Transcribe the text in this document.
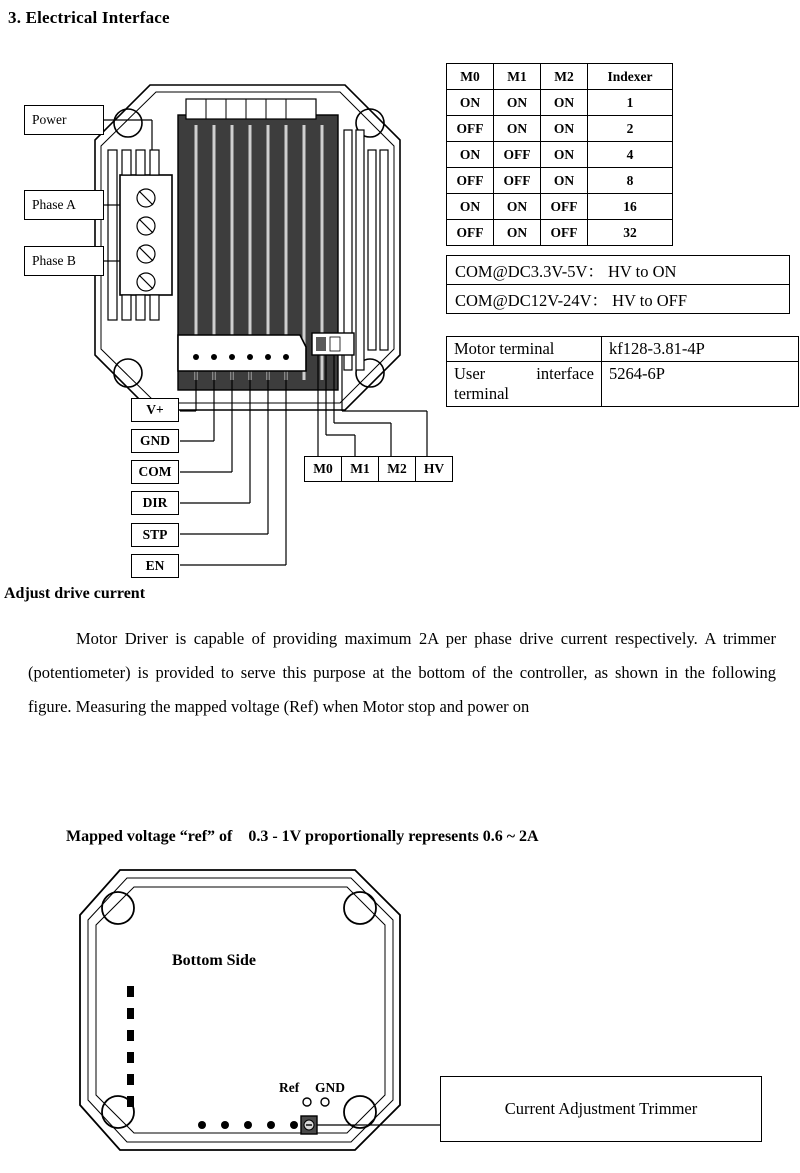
3. Electrical Interface
Power
Phase A
Phase B
V+
GND
COM
DIR
STP
EN
M0	M1	M2	HV
M0	M1	M2	Indexer
ON	ON	ON	1
OFF	ON	ON	2
ON	OFF	ON	4
OFF	OFF	ON	8
ON	ON	OFF	16
OFF	ON	OFF	32
COM@DC3.3V-5V： HV to ON
COM@DC12V-24V： HV to OFF
Motor terminal	kf128-3.81-4P

User interface
terminal	5264-6P
Adjust drive current
Motor Driver is capable of providing maximum 2A per phase drive current respectively. A trimmer (potentiometer) is provided to serve this purpose at the bottom of the controller, as shown in the following figure. Measuring the mapped voltage (Ref) when Motor stop and power on
Mapped voltage “ref” of    0.3 - 1V proportionally represents 0.6 ~ 2A
Bottom Side
Ref GND
Current Adjustment Trimmer
